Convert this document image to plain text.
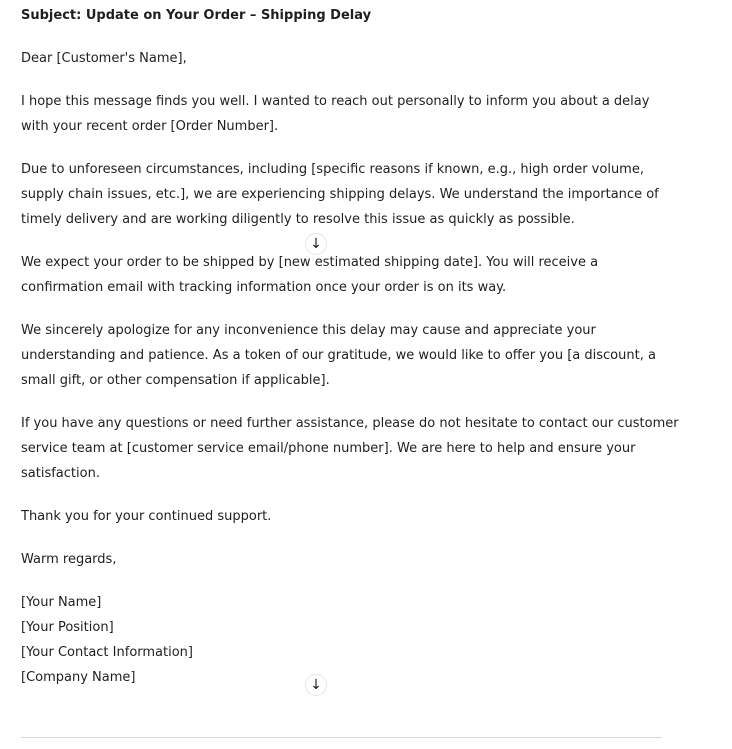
Subject: Update on Your Order – Shipping Delay

Dear [Customer's Name],

I hope this message finds you well. I wanted to reach out personally to inform you about a delay
with your recent order [Order Number].

Due to unforeseen circumstances, including [specific reasons if known, e.g., high order volume,
supply chain issues, etc.], we are experiencing shipping delays. We understand the importance of
timely delivery and are working diligently to resolve this issue as quickly as possible.

We expect your order to be shipped by [new estimated shipping date]. You will receive a
confirmation email with tracking information once your order is on its way.

We sincerely apologize for any inconvenience this delay may cause and appreciate your
understanding and patience. As a token of our gratitude, we would like to offer you [a discount, a
small gift, or other compensation if applicable].

If you have any questions or need further assistance, please do not hesitate to contact our customer
service team at [customer service email/phone number]. We are here to help and ensure your
satisfaction.

Thank you for your continued support.

Warm regards,

[Your Name]
[Your Position]
[Your Contact Information]
[Company Name]

↓
↓
